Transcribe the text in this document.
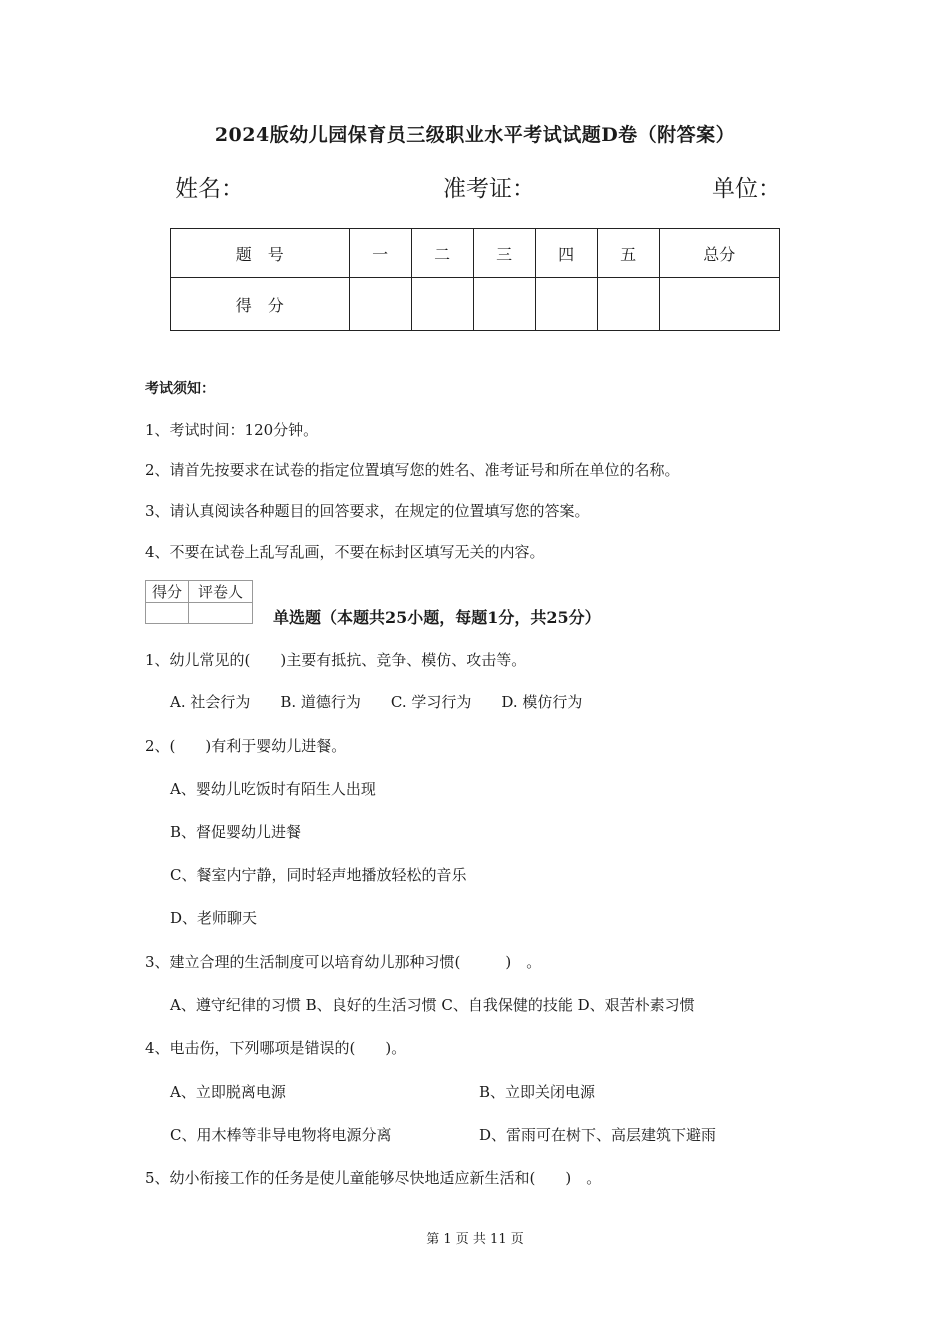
2024版幼儿园保育员三级职业水平考试试题D卷（附答案）
姓名：	准考证：	单位：
题　号	一	二	三	四	五	总分
得　分						
考试须知：
1、考试时间：120分钟。
2、请首先按要求在试卷的指定位置填写您的姓名、准考证号和所在单位的名称。
3、请认真阅读各种题目的回答要求，在规定的位置填写您的答案。
4、不要在试卷上乱写乱画，不要在标封区填写无关的内容。
得分	评卷人

单选题（本题共25小题，每题1分，共25分）
1、幼儿常见的(　　)主要有抵抗、竞争、模仿、攻击等。
A. 社会行为　　B. 道德行为　　C. 学习行为　　D. 模仿行为
2、(　　)有利于婴幼儿进餐。
A、婴幼儿吃饭时有陌生人出现
B、督促婴幼儿进餐
C、餐室内宁静，同时轻声地播放轻松的音乐
D、老师聊天
3、建立合理的生活制度可以培育幼儿那种习惯(　　　)　。
A、遵守纪律的习惯 B、良好的生活习惯 C、自我保健的技能 D、艰苦朴素习惯
4、电击伤，下列哪项是错误的(　　)。
A、立即脱离电源	B、立即关闭电源
C、用木棒等非导电物将电源分离	D、雷雨可在树下、高层建筑下避雨
5、幼小衔接工作的任务是使儿童能够尽快地适应新生活和(　　)　。
第 1 页 共 11 页
